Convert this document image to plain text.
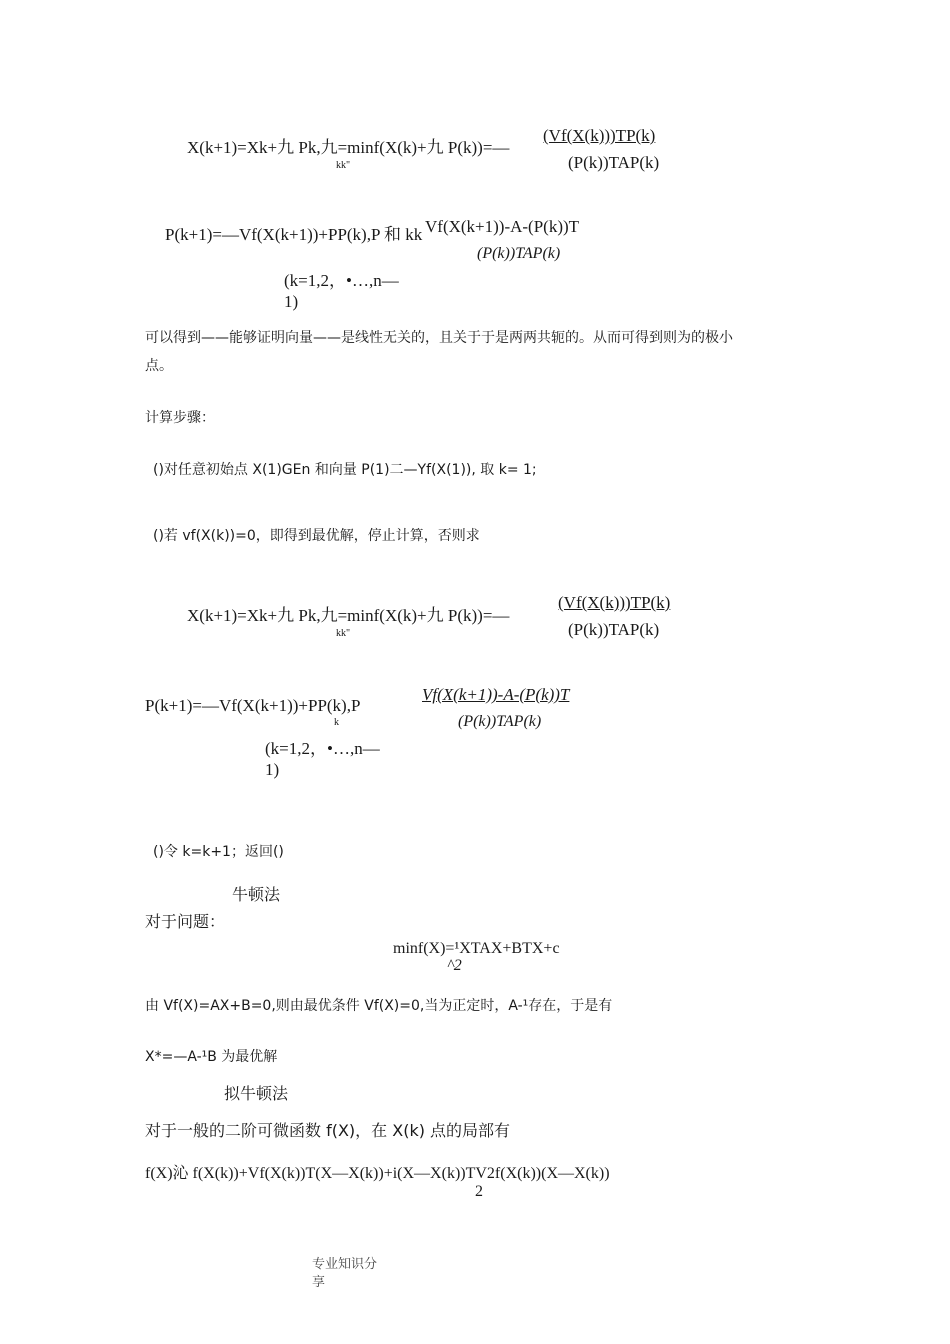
X(k+1)=Xk+九 Pk,九=minf(X(k)+九 P(k))=—
kk"
(Vf(X(k)))TP(k)
(P(k))TAP(k)
P(k+1)=—Vf(X(k+1))+PP(k),P 和 kk Vf(X(k+1))-A-(P(k))T
(P(k))TAP(k)
(k=1,2，•…,n—
1)
可以得到——能够证明向量——是线性无关的，且关于于是两两共轭的。从而可得到则为的极小
点。
计算步骤：
()对任意初始点 X(1)GEn 和向量 P(1)二—Yf(X(1)), 取 k= 1;
()若 vf(X(k))=0，即得到最优解，停止计算，否则求
X(k+1)=Xk+九 Pk,九=minf(X(k)+九 P(k))=—
kk"
(Vf(X(k)))TP(k)
(P(k))TAP(k)
P(k+1)=—Vf(X(k+1))+PP(k),P
k
Vf(X(k+1))-A-(P(k))T
(P(k))TAP(k)
(k=1,2，•…,n—
1)
()令 k=k+1；返回()
牛顿法
对于问题：
minf(X)=¹XTAX+BTX+c
^2
由 Vf(X)=AX+B=0,则由最优条件 Vf(X)=0,当为正定时，A-¹存在，于是有
X*=—A-¹B 为最优解
拟牛顿法
对于一般的二阶可微函数 f(X)，在 X(k) 点的局部有
f(X)沁 f(X(k))+Vf(X(k))T(X—X(k))+i(X—X(k))TV2f(X(k))(X—X(k))
2
专业知识分
享
